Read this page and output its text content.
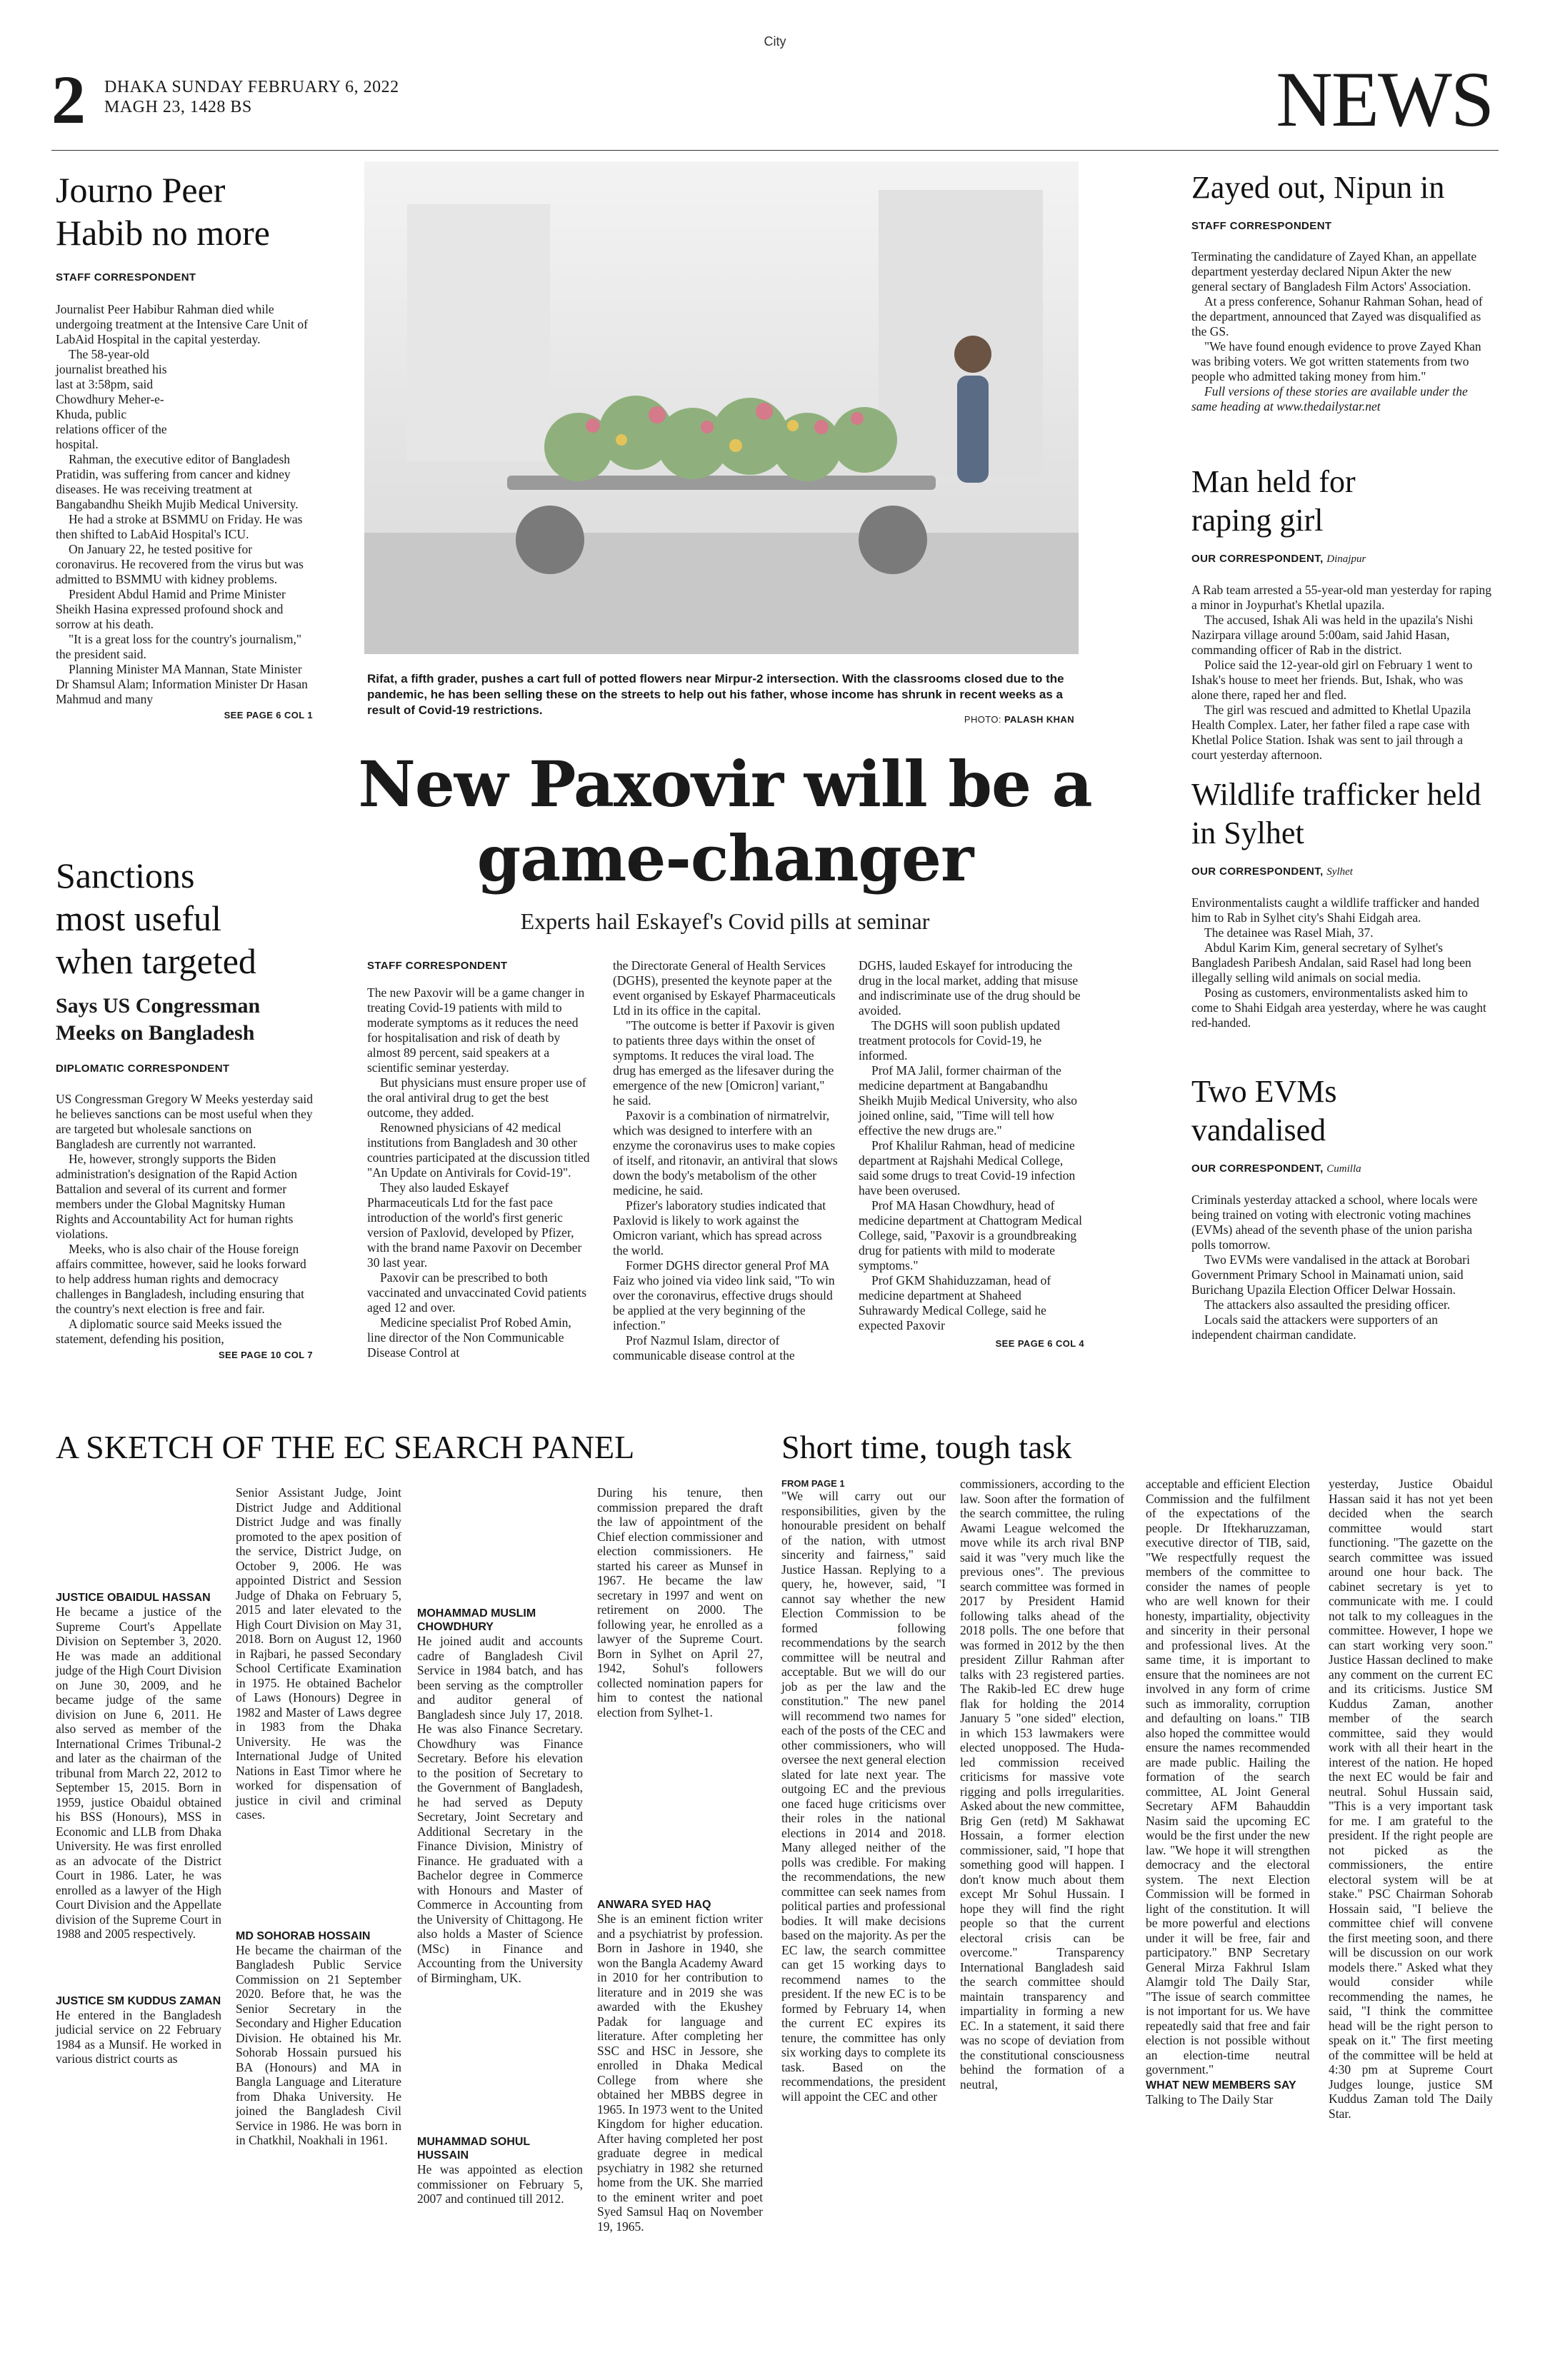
City
2 DHAKA SUNDAY FEBRUARY 6, 2022
MAGH 23, 1428 BS	NEWS
Journo Peer Habib no more
STAFF CORRESPONDENT

Journalist Peer Habibur Rahman died while undergoing treatment at the Intensive Care Unit of LabAid Hospital in the capital yesterday.

The 58-year-old journalist breathed his last at 3:58pm, said Chowdhury Meher-e-Khuda, public relations officer of the hospital.

Rahman, the executive editor of Bangladesh Pratidin, was suffering from cancer and kidney diseases. He was receiving treatment at Bangabandhu Sheikh Mujib Medical University.

He had a stroke at BSMMU on Friday. He was then shifted to LabAid Hospital's ICU.

On January 22, he tested positive for coronavirus. He recovered from the virus but was admitted to BSMMU with kidney problems.

President Abdul Hamid and Prime Minister Sheikh Hasina expressed profound shock and sorrow at his death.

"It is a great loss for the country's journalism," the president said.

Planning Minister MA Mannan, State Minister Dr Shamsul Alam; Information Minister Dr Hasan Mahmud and many

SEE PAGE 6 COL 1
Sanctions most useful when targeted
Says US Congressman Meeks on Bangladesh
DIPLOMATIC CORRESPONDENT

US Congressman Gregory W Meeks yesterday said he believes sanctions can be most useful when they are targeted but wholesale sanctions on Bangladesh are currently not warranted.

He, however, strongly supports the Biden administration's designation of the Rapid Action Battalion and several of its current and former members under the Global Magnitsky Human Rights and Accountability Act for human rights violations.

Meeks, who is also chair of the House foreign affairs committee, however, said he looks forward to help address human rights and democracy challenges in Bangladesh, including ensuring that the country's next election is free and fair.

A diplomatic source said Meeks issued the statement, defending his position,

SEE PAGE 10 COL 7
Rifat, a fifth grader, pushes a cart full of potted flowers near Mirpur-2 intersection. With the classrooms closed due to the pandemic, he has been selling these on the streets to help out his father, whose income has shrunk in recent weeks as a result of Covid-19 restrictions.
PHOTO: PALASH KHAN
New Paxovir will be a
game-changer
Experts hail Eskayef's Covid pills at seminar
STAFF CORRESPONDENT

The new Paxovir will be a game changer in treating Covid-19 patients with mild to moderate symptoms as it reduces the need for hospitalisation and risk of death by almost 89 percent, said speakers at a scientific seminar yesterday.

But physicians must ensure proper use of the oral antiviral drug to get the best outcome, they added.

Renowned physicians of 42 medical institutions from Bangladesh and 30 other countries participated at the discussion titled "An Update on Antivirals for Covid-19".

They also lauded Eskayef Pharmaceuticals Ltd for the fast pace introduction of the world's first generic version of Paxlovid, developed by Pfizer, with the brand name Paxovir on December 30 last year.

Paxovir can be prescribed to both vaccinated and unvaccinated Covid patients aged 12 and over.

Medicine specialist Prof Robed Amin, line director of the Non Communicable Disease Control at

the Directorate General of Health Services (DGHS), presented the keynote paper at the event organised by Eskayef Pharmaceuticals Ltd in its office in the capital.

"The outcome is better if Paxovir is given to patients three days within the onset of symptoms. It reduces the viral load. The drug has emerged as the lifesaver during the emergence of the new [Omicron] variant," he said.

Paxovir is a combination of nirmatrelvir, which was designed to interfere with an enzyme the coronavirus uses to make copies of itself, and ritonavir, an antiviral that slows down the body's metabolism of the other medicine, he said.

Pfizer's laboratory studies indicated that Paxlovid is likely to work against the Omicron variant, which has spread across the world.

Former DGHS director general Prof MA Faiz who joined via video link said, "To win over the coronavirus, effective drugs should be applied at the very beginning of the infection."

Prof Nazmul Islam, director of communicable disease control at the

DGHS, lauded Eskayef for introducing the drug in the local market, adding that misuse and indiscriminate use of the drug should be avoided.

The DGHS will soon publish updated treatment protocols for Covid-19, he informed.

Prof MA Jalil, former chairman of the medicine department at Bangabandhu Sheikh Mujib Medical University, who also joined online, said, "Time will tell how effective the new drugs are."

Prof Khalilur Rahman, head of medicine department at Rajshahi Medical College, said some drugs to treat Covid-19 infection have been overused.

Prof MA Hasan Chowdhury, head of medicine department at Chattogram Medical College, said, "Paxovir is a groundbreaking drug for patients with mild to moderate symptoms."

Prof GKM Shahiduzzaman, head of medicine department at Shaheed Suhrawardy Medical College, said he expected Paxovir

SEE PAGE 6 COL 4
Zayed out, Nipun in
STAFF CORRESPONDENT

Terminating the candidature of Zayed Khan, an appellate department yesterday declared Nipun Akter the new general sectary of Bangladesh Film Actors' Association.

At a press conference, Sohanur Rahman Sohan, head of the department, announced that Zayed was disqualified as the GS.

"We have found enough evidence to prove Zayed Khan was bribing voters. We got written statements from two people who admitted taking money from him."

Full versions of these stories are available under the same heading at www.thedailystar.net

Man held for raping girl
OUR CORRESPONDENT, Dinajpur

A Rab team arrested a 55-year-old man yesterday for raping a minor in Joypurhat's Khetlal upazila.

The accused, Ishak Ali was held in the upazila's Nishi Nazirpara village around 5:00am, said Jahid Hasan, commanding officer of Rab in the district.

Police said the 12-year-old girl on February 1 went to Ishak's house to meet her friends. But, Ishak, who was alone there, raped her and fled.

The girl was rescued and admitted to Khetlal Upazila Health Complex. Later, her father filed a rape case with Khetlal Police Station. Ishak was sent to jail through a court yesterday afternoon.

Wildlife trafficker held in Sylhet
OUR CORRESPONDENT, Sylhet

Environmentalists caught a wildlife trafficker and handed him to Rab in Sylhet city's Shahi Eidgah area.

The detainee was Rasel Miah, 37.

Abdul Karim Kim, general secretary of Sylhet's Bangladesh Paribesh Andalan, said Rasel had long been illegally selling wild animals on social media.

Posing as customers, environmentalists asked him to come to Shahi Eidgah area yesterday, where he was caught red-handed.

Two EVMs vandalised
OUR CORRESPONDENT, Cumilla

Criminals yesterday attacked a school, where locals were being trained on voting with electronic voting machines (EVMs) ahead of the seventh phase of the union parisha polls tomorrow.

Two EVMs were vandalised in the attack at Borobari Government Primary School in Mainamati union, said Burichang Upazila Election Officer Delwar Hossain.

The attackers also assaulted the presiding officer.

Locals said the attackers were supporters of an independent chairman candidate.

A SKETCH OF THE EC SEARCH PANEL
JUSTICE OBAIDUL HASSAN
He became a justice of the Supreme Court's Appellate Division on September 3, 2020. He was made an additional judge of the High Court Division on June 30, 2009, and he became judge of the same division on June 6, 2011. He also served as member of the International Crimes Tribunal-2 and later as the chairman of the tribunal from March 22, 2012 to September 15, 2015. Born in 1959, justice Obaidul obtained his BSS (Honours), MSS in Economic and LLB from Dhaka University. He was first enrolled as an advocate of the District Court in 1986. Later, he was enrolled as a lawyer of the High Court Division and the Appellate division of the Supreme Court in 1988 and 2005 respectively.
JUSTICE SM KUDDUS ZAMAN
He entered in the Bangladesh judicial service on 22 February 1984 as a Munsif. He worked in various district courts as
Senior Assistant Judge, Joint District Judge and Additional District Judge and was finally promoted to the apex position of the service, District Judge, on October 9, 2006. He was appointed District and Session Judge of Dhaka on February 5, 2015 and later elevated to the High Court Division on May 31, 2018. Born on August 12, 1960 in Rajbari, he passed Secondary School Certificate Examination in 1975. He obtained Bachelor of Laws (Honours) Degree in 1982 and Master of Laws degree in 1983 from the Dhaka University. He was the International Judge of United Nations in East Timor where he worked for dispensation of justice in civil and criminal cases.
MD SOHORAB HOSSAIN
He became the chairman of the Bangladesh Public Service Commission on 21 September 2020. Before that, he was the Senior Secretary in the Secondary and Higher Education Division. He obtained his Mr. Sohorab Hossain pursued his BA (Honours) and MA in Bangla Language and Literature from Dhaka University. He joined the Bangladesh Civil Service in 1986. He was born in in Chatkhil, Noakhali in 1961.
MOHAMMAD MUSLIM CHOWDHURY
He joined audit and accounts cadre of Bangladesh Civil Service in 1984 batch, and has been serving as the comptroller and auditor general of Bangladesh since July 17, 2018. He was also Finance Secretary. Chowdhury was Finance Secretary. Before his elevation to the position of Secretary to the Government of Bangladesh, he had served as Deputy Secretary, Joint Secretary and Additional Secretary in the Finance Division, Ministry of Finance. He graduated with a Bachelor degree in Commerce with Honours and Master of Commerce in Accounting from the University of Chittagong. He also holds a Master of Science (MSc) in Finance and Accounting from the University of Birmingham, UK.
MUHAMMAD SOHUL HUSSAIN
He was appointed as election commissioner on February 5, 2007 and continued till 2012.
During his tenure, then commission prepared the draft the law of appointment of the Chief election commissioner and election commissioners. He started his career as Munsef in 1967. He became the law secretary in 1997 and went on retirement on 2000. The following year, he enrolled as a lawyer of the Supreme Court. Born in Sylhet on April 27, 1942, Sohul's followers collected nomination papers for him to contest the national election from Sylhet-1.
ANWARA SYED HAQ
She is an eminent fiction writer and a psychiatrist by profession. Born in Jashore in 1940, she won the Bangla Academy Award in 2010 for her contribution to literature and in 2019 she was awarded with the Ekushey Padak for language and literature. After completing her SSC and HSC in Jessore, she enrolled in Dhaka Medical College from where she obtained her MBBS degree in 1965. In 1973 went to the United Kingdom for higher education. After having completed her post graduate degree in medical psychiatry in 1982 she returned home from the UK. She married to the eminent writer and poet Syed Samsul Haq on November 19, 1965.
Short time, tough task
FROM PAGE 1
"We will carry out our responsibilities, given by the honourable president on behalf of the nation, with utmost sincerity and fairness," said Justice Hassan. Replying to a query, he, however, said, "I cannot say whether the new Election Commission to be formed following recommendations by the search committee will be neutral and acceptable. But we will do our job as per the law and the constitution." The new panel will recommend two names for each of the posts of the CEC and other commissioners, who will oversee the next general election slated for late next year. The outgoing EC and the previous one faced huge criticisms over their roles in the national elections in 2014 and 2018. Many alleged neither of the polls was credible. For making the recommendations, the new committee can seek names from political parties and professional bodies. It will make decisions based on the majority. As per the EC law, the search committee can get 15 working days to recommend names to the president. If the new EC is to be formed by February 14, when the current EC expires its tenure, the committee has only six working days to complete its task. Based on the recommendations, the president will appoint the CEC and other
commissioners, according to the law. Soon after the formation of the search committee, the ruling Awami League welcomed the move while its arch rival BNP said it was "very much like the previous ones". The previous search committee was formed in 2017 by President Hamid following talks ahead of the 2018 polls. The one before that was formed in 2012 by the then president Zillur Rahman after talks with 23 registered parties. The Rakib-led EC drew huge flak for holding the 2014 January 5 "one sided" election, in which 153 lawmakers were elected unopposed. The Huda-led commission received criticisms for massive vote rigging and polls irregularities. Asked about the new committee, Brig Gen (retd) M Sakhawat Hossain, a former election commissioner, said, "I hope that something good will happen. I don't know much about them except Mr Sohul Hussain. I hope they will find the right people so that the current electoral crisis can be overcome." Transparency International Bangladesh said the search committee should maintain transparency and impartiality in forming a new EC. In a statement, it said there was no scope of deviation from the constitutional consciousness behind the formation of a neutral,
acceptable and efficient Election Commission and the fulfilment of the expectations of the people. Dr Iftekharuzzaman, executive director of TIB, said, "We respectfully request the members of the committee to consider the names of people who are well known for their honesty, impartiality, objectivity and sincerity in their personal and professional lives. At the same time, it is important to ensure that the nominees are not involved in any form of crime such as immorality, corruption and defaulting on loans." TIB also hoped the committee would ensure the names recommended are made public. Hailing the formation of the search committee, AL Joint General Secretary AFM Bahauddin Nasim said the upcoming EC would be the first under the new law. "We hope it will strengthen democracy and the electoral system. The next Election Commission will be formed in light of the constitution. It will be more powerful and elections under it will be free, fair and participatory." BNP Secretary General Mirza Fakhrul Islam Alamgir told The Daily Star, "The issue of search committee is not important for us. We have repeatedly said that free and fair election is not possible without an election-time neutral government."
WHAT NEW MEMBERS SAY
Talking to The Daily Star
yesterday, Justice Obaidul Hassan said it has not yet been decided when the search committee would start functioning. "The gazette on the search committee was issued around one hour back. The cabinet secretary is yet to communicate with me. I could not talk to my colleagues in the committee. However, I hope we can start working very soon." Justice Hassan declined to make any comment on the current EC and its criticisms. Justice SM Kuddus Zaman, another member of the search committee, said they would work with all their heart in the interest of the nation. He hoped the next EC would be fair and neutral. Sohul Hussain said, "This is a very important task for me. I am grateful to the president. If the right people are not picked as the commissioners, the entire electoral system will be at stake." PSC Chairman Sohorab Hossain said, "I believe the committee chief will convene the first meeting soon, and there will be discussion on our work models there." Asked what they would consider while recommending the names, he said, "I think the committee head will be the right person to speak on it." The first meeting of the committee will be held at 4:30 pm at Supreme Court Judges lounge, justice SM Kuddus Zaman told The Daily Star.
